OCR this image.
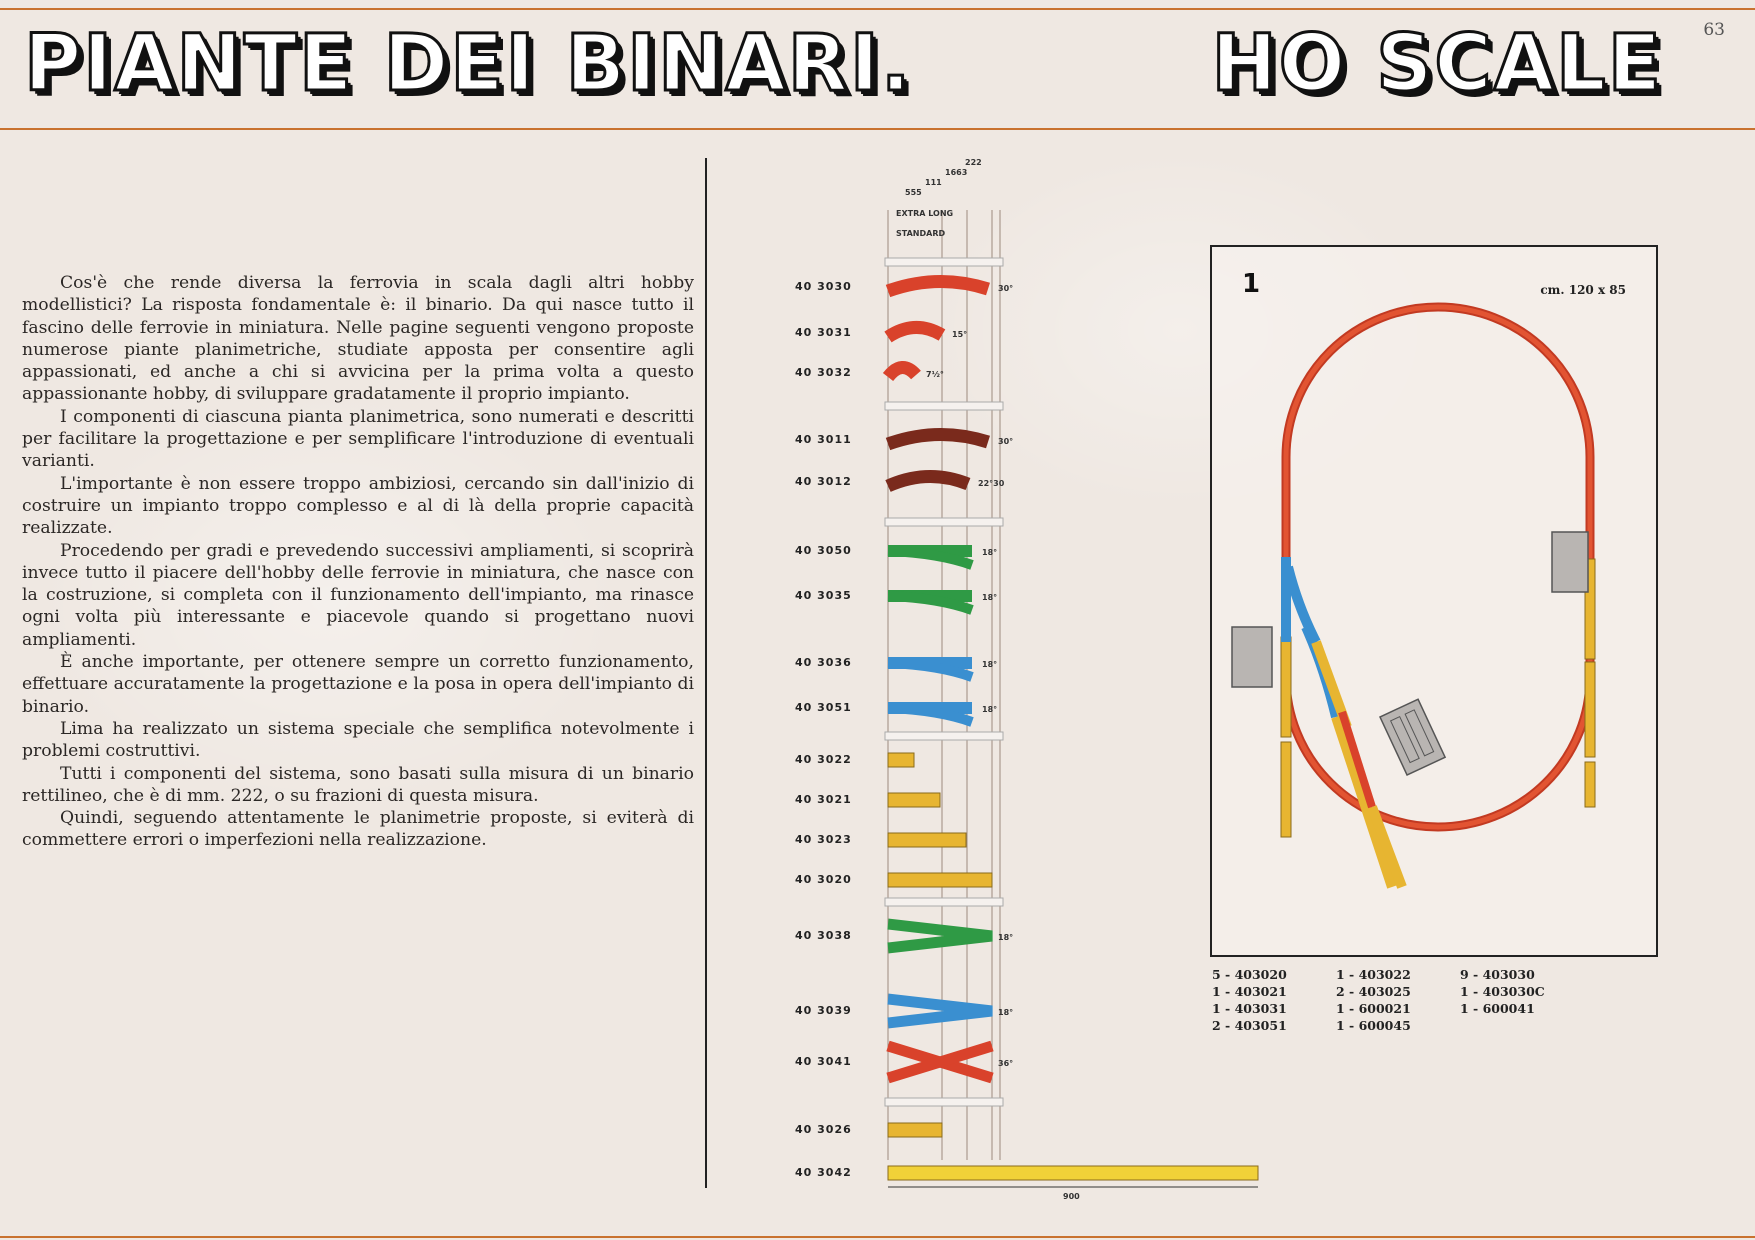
PIANTE DEI BINARI.	HO SCALE 63

Cos'è che rende diversa la ferrovia in scala dagli altri hobby modellistici? La risposta fondamentale è: il binario. Da qui nasce tutto il fascino delle ferrovie in miniatura. Nelle pagine seguenti vengono proposte numerose piante planimetriche, studiate apposta per consentire agli appassionati, ed anche a chi si avvicina per la prima volta a questo appassionante hobby, di sviluppare gradatamente il proprio impianto.

I componenti di ciascuna pianta planimetrica, sono numerati e descritti per facilitare la progettazione e per semplificare l'introduzione di eventuali varianti.

L'importante è non essere troppo ambiziosi, cercando sin dall'inizio di costruire un impianto troppo complesso e al di là della proprie capacità realizzate.

Procedendo per gradi e prevedendo successivi ampliamenti, si scoprirà invece tutto il piacere dell'hobby delle ferrovie in miniatura, che nasce con la costruzione, si completa con il funzionamento dell'impianto, ma rinasce ogni volta più interessante e piacevole quando si progettano nuovi ampliamenti.

È anche importante, per ottenere sempre un corretto funzionamento, effettuare accuratamente la progettazione e la posa in opera dell'impianto di binario.

Lima ha realizzato un sistema speciale che semplifica notevolmente i problemi costruttivi.

Tutti i componenti del sistema, sono basati sulla misura di un binario rettilineo, che è di mm. 222, o su frazioni di questa misura.

Quindi, seguendo attentamente le planimetrie proposte, si eviterà di commettere errori o imperfezioni nella realizzazione.

40 3030
40 3031
40 3032
40 3011
40 3012
40 3050
40 3035
40 3036
40 3051
40 3022
40 3021
40 3023
40 3020
40 3038
40 3039
40 3041
40 3026
40 3042
EXTRA LONG
STANDARD
222
1663
111
555
30°
15°
7½°
30°
22°30
18°
18°
18°
18°
18°
18°
36°
900
1	cm. 120 x 85
5 - 403020
1 - 403021
1 - 403031
2 - 403051
1 - 403022
2 - 403025
1 - 600021
1 - 600045
9 - 403030
1 - 403030C
1 - 600041
